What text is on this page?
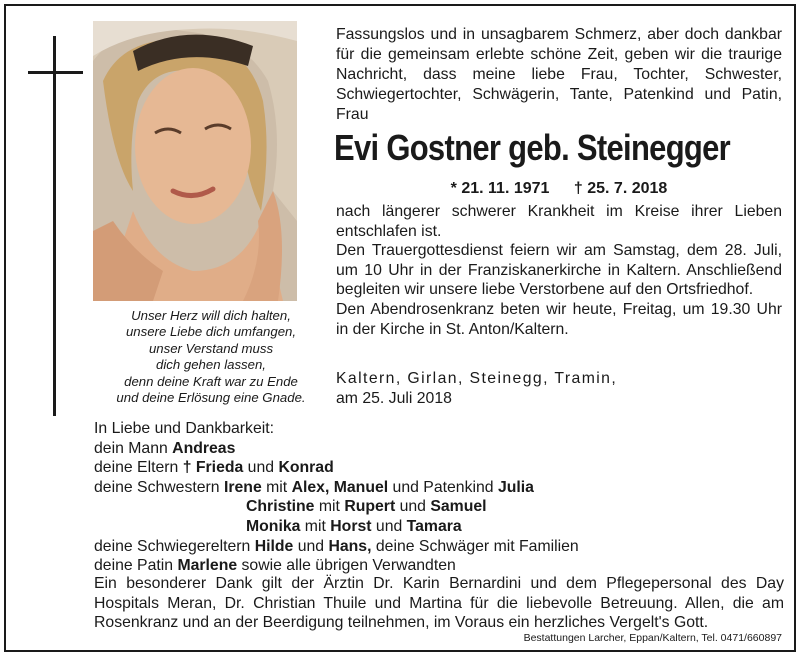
Unser Herz will dich halten,
unsere Liebe dich umfangen,
unser Verstand muss
dich gehen lassen,
denn deine Kraft war zu Ende
und deine Erlösung eine Gnade.
Fassungslos und in unsagbarem Schmerz, aber doch dankbar für die gemeinsam erlebte schöne Zeit, geben wir die traurige Nachricht, dass meine liebe Frau, Tochter, Schwester, Schwiegertochter, Schwägerin, Tante, Patenkind und Patin, Frau
Evi Gostner geb. Steinegger
* 21. 11. 1971 † 25. 7. 2018

nach längerer schwerer Krankheit im Kreise ihrer Lieben entschlafen ist.

Den Trauergottesdienst feiern wir am Samstag, dem 28. Juli, um 10 Uhr in der Franziskanerkirche in Kaltern. Anschließend begleiten wir unsere liebe Verstorbene auf den Ortsfriedhof.

Den Abendrosenkranz beten wir heute, Freitag, um 19.30 Uhr in der Kirche in St. Anton/Kaltern.

Kaltern, Girlan, Steinegg, Tramin,
am 25. Juli 2018
In Liebe und Dankbarkeit:
dein Mann Andreas
deine Eltern † Frieda und Konrad
deine Schwestern Irene mit Alex, Manuel und Patenkind Julia
Christine mit Rupert und Samuel
Monika mit Horst und Tamara
deine Schwiegereltern Hilde und Hans, deine Schwäger mit Familien
deine Patin Marlene sowie alle übrigen Verwandten
Ein besonderer Dank gilt der Ärztin Dr. Karin Bernardini und dem Pflegepersonal des Day Hospitals Meran, Dr. Christian Thuile und Martina für die liebevolle Betreuung. Allen, die am Rosenkranz und an der Beerdigung teilnehmen, im Voraus ein herzliches Vergelt's Gott.
Bestattungen Larcher, Eppan/Kaltern, Tel. 0471/660897
